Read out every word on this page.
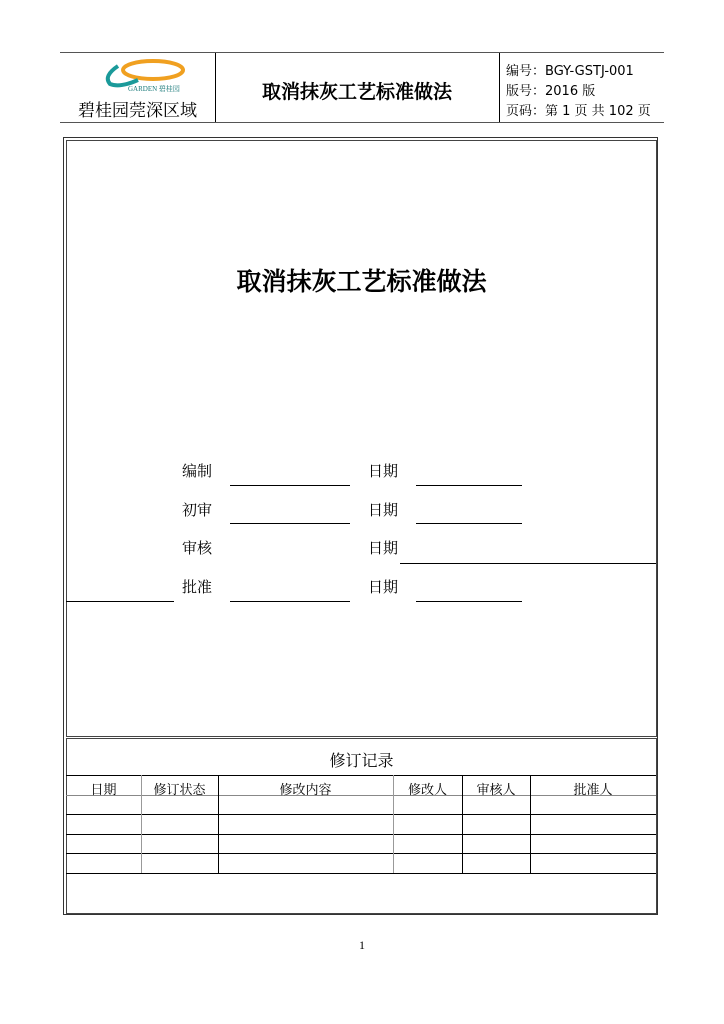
GARDEN 碧桂园
碧桂园莞深区域
取消抹灰工艺标准做法
编号：BGY-GSTJ-001
版号：2016 版
页码：第 1 页 共 102 页
取消抹灰工艺标准做法
编制	日期
初审	日期
审核	日期
批准	日期
修订记录
日期	修订状态	修改内容	修改人	审核人	批准人
1
